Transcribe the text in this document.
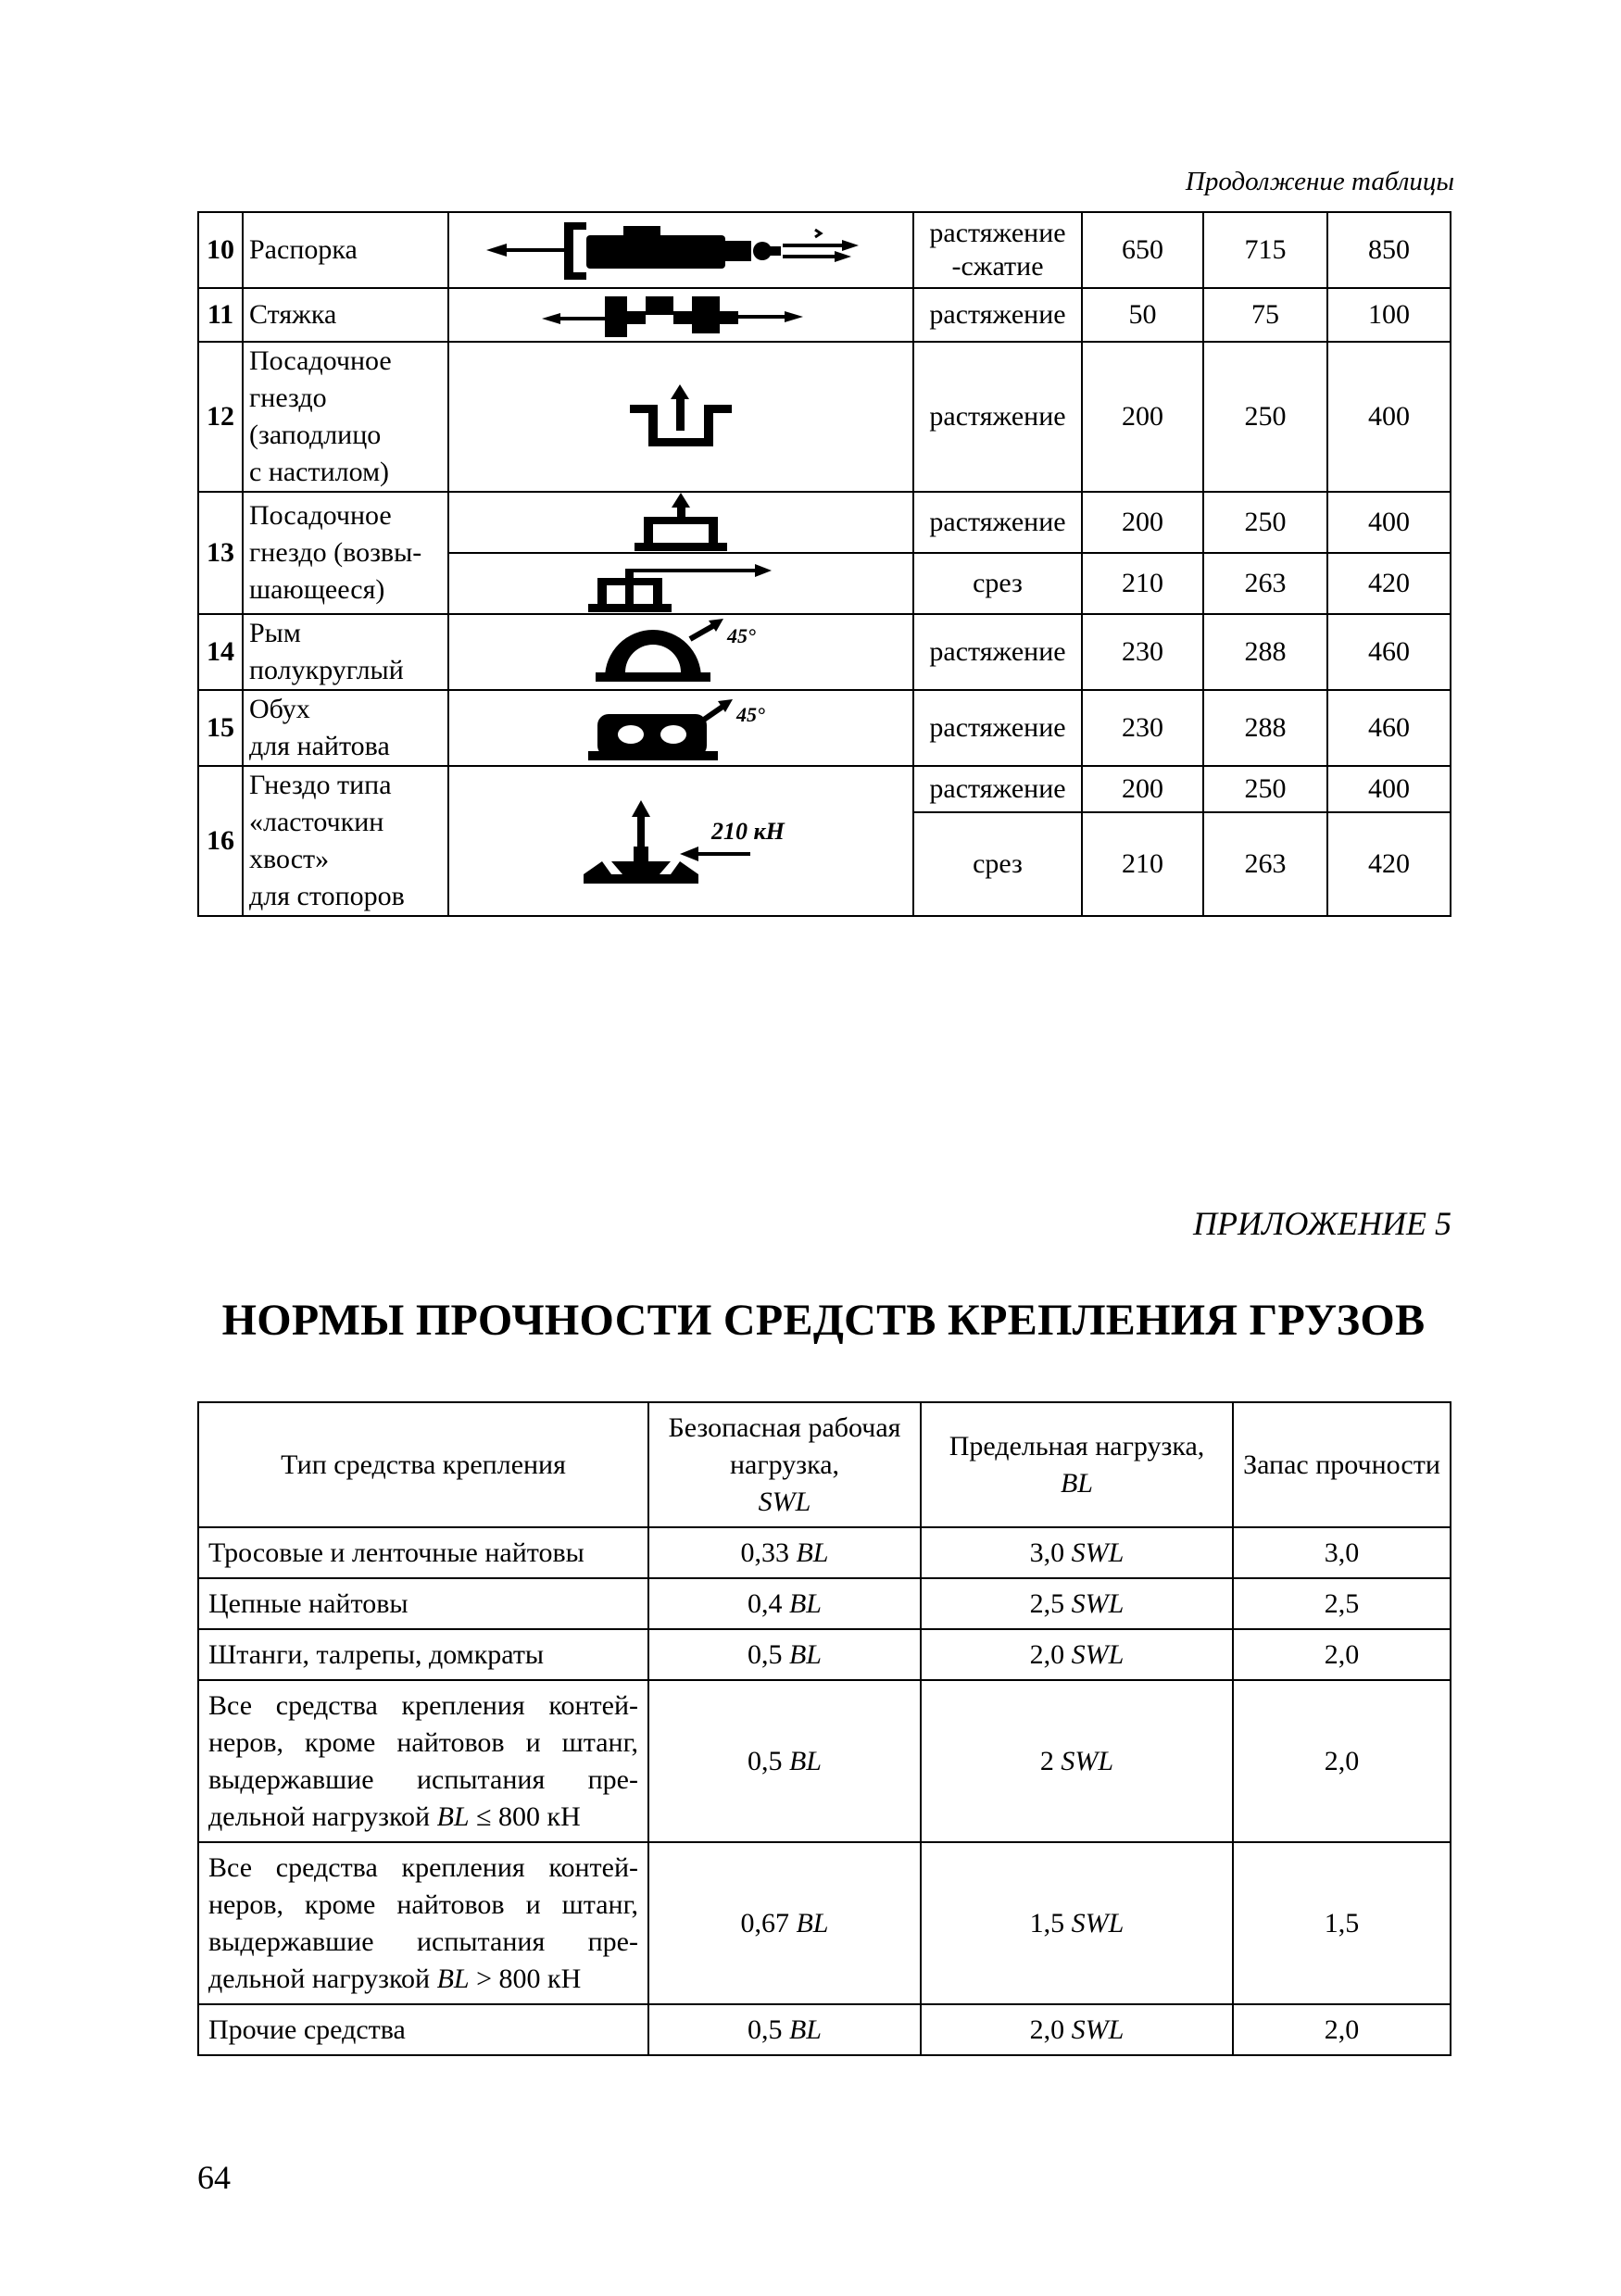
Продолжение таблицы
10	Распорка		растяжение
-сжатие	650	715	850
11	Стяжка		растяжение	50	75	100
12	Посадочное
гнездо
(заподлицо
с настилом)		растяжение	200	250	400
13	Посадочное
гнездо (возвы-
шающееся)		растяжение	200	250	400

	срез	210	263	420
14	Рым
полукруглый	45°	растяжение	230	288	460
15	Обух
для найтова	45°	растяжение	230	288	460
16	Гнездо типа
«ласточкин
хвост»
для стопоров	210 кН	растяжение	200	250	400
			срез	210	263	420
ПРИЛОЖЕНИЕ 5
НОРМЫ ПРОЧНОСТИ СРЕДСТВ КРЕПЛЕНИЯ ГРУЗОВ
Тип средства крепления	Безопасная рабочая нагрузка,
SWL	Предельная нагрузка,
BL	Запас прочности
Тросовые и ленточные найтовы	0,33 BL	3,0 SWL	3,0
Цепные найтовы	0,4 BL	2,5 SWL	2,5
Штанги, талрепы, домкраты	0,5 BL	2,0 SWL	2,0
Все средства крепления контей-неров, кроме найтовов и штанг, выдержавшие испытания пре-дельной нагрузкой BL ≤ 800 кН	0,5 BL	2 SWL	2,0
Все средства крепления контей-неров, кроме найтовов и штанг, выдержавшие испытания пре-дельной нагрузкой BL > 800 кН	0,67 BL	1,5 SWL	1,5
Прочие средства	0,5 BL	2,0 SWL	2,0
64
